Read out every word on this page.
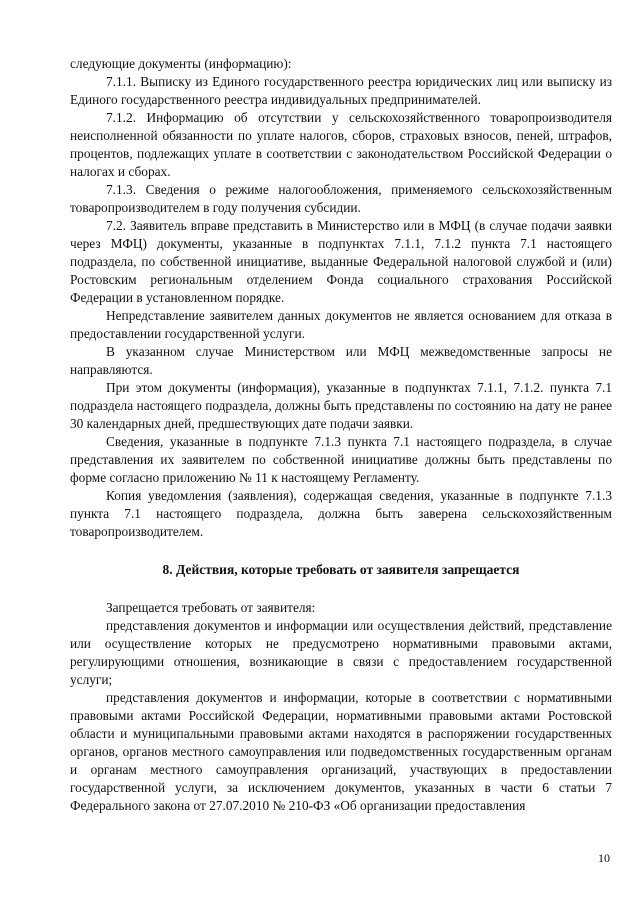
следующие документы (информацию):

7.1.1. Выписку из Единого государственного реестра юридических лиц или выписку из Единого государственного реестра индивидуальных предпринимателей.

7.1.2. Информацию об отсутствии у сельскохозяйственного товаропроизводителя неисполненной обязанности по уплате налогов, сборов, страховых взносов, пеней, штрафов, процентов, подлежащих уплате в соответствии с законодательством Российской Федерации о налогах и сборах.

7.1.3. Сведения о режиме налогообложения, применяемого сельскохозяйственным товаропроизводителем в году получения субсидии.

7.2. Заявитель вправе представить в Министерство или в МФЦ (в случае подачи заявки через МФЦ) документы, указанные в подпунктах 7.1.1, 7.1.2 пункта 7.1 настоящего подраздела, по собственной инициативе, выданные Федеральной налоговой службой и (или) Ростовским региональным отделением Фонда социального страхования Российской Федерации в установленном порядке.

Непредставление заявителем данных документов не является основанием для отказа в предоставлении государственной услуги.

В указанном случае Министерством или МФЦ межведомственные запросы не направляются.

При этом документы (информация), указанные в подпунктах 7.1.1, 7.1.2. пункта 7.1 подраздела настоящего подраздела, должны быть представлены по состоянию на дату не ранее 30 календарных дней, предшествующих дате подачи заявки.

Сведения, указанные в подпункте 7.1.3 пункта 7.1 настоящего подраздела, в случае представления их заявителем по собственной инициативе должны быть представлены по форме согласно приложению № 11 к настоящему Регламенту.

Копия уведомления (заявления), содержащая сведения, указанные в подпункте 7.1.3 пункта 7.1 настоящего подраздела, должна быть заверена сельскохозяйственным товаропроизводителем.

8. Действия, которые требовать от заявителя запрещается

Запрещается требовать от заявителя:

представления документов и информации или осуществления действий, представление или осуществление которых не предусмотрено нормативными правовыми актами, регулирующими отношения, возникающие в связи с предоставлением государственной услуги;

представления документов и информации, которые в соответствии с нормативными правовыми актами Российской Федерации, нормативными правовыми актами Ростовской области и муниципальными правовыми актами находятся в распоряжении государственных органов, органов местного самоуправления или подведомственных государственным органам и органам местного самоуправления организаций, участвующих в предоставлении государственной услуги, за исключением документов, указанных в части 6 статьи 7 Федерального закона от 27.07.2010 № 210-ФЗ «Об организации предоставления

10
